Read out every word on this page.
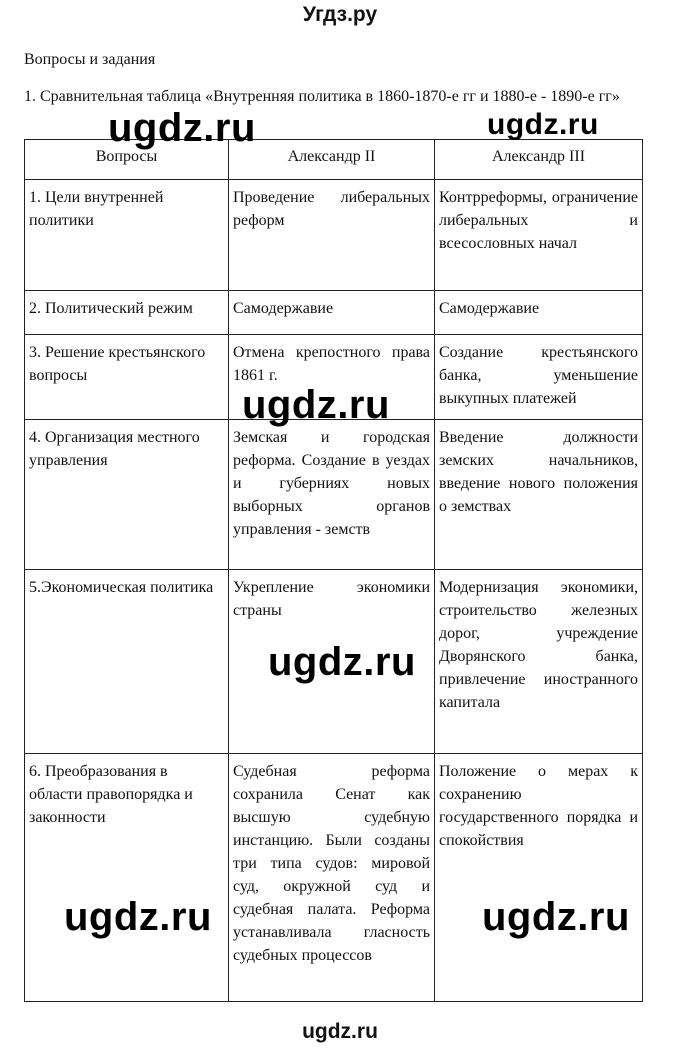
Угдз.ру
Вопросы и задания
1. Сравнительная таблица «Внутренняя политика в 1860-1870-е гг и 1880-е - 1890-е гг»
Вопросы	Александр II	Александр III
1. Цели внутренней политики	Проведение либеральных реформ	Контрреформы, ограничение либеральных и всесословных начал
2. Политический режим	Самодержавие	Самодержавие
3. Решение крестьянского вопросы	Отмена крепостного права 1861 г.	Создание крестьянского банка, уменьшение выкупных платежей
4. Организация местного управления	Земская и городская реформа. Создание в уездах и губерниях новых выборных органов управления - земств	Введение должности земских начальников, введение нового положения о земствах
5.Экономическая политика	Укрепление экономики страны	Модернизация экономики, строительство железных дорог, учреждение Дворянского банка, привлечение иностранного капитала
6. Преобразования в области правопорядка и законности	Судебная реформа сохранила Сенат как высшую судебную инстанцию. Были созданы три типа судов: мировой суд, окружной суд и судебная палата. Реформа устанавливала гласность судебных процессов	Положение о мерах к сохранению государственного порядка и спокойствия
ugdz.ru	ugdz.ru
ugdz.ru
ugdz.ru
ugdz.ru	ugdz.ru
ugdz.ru
